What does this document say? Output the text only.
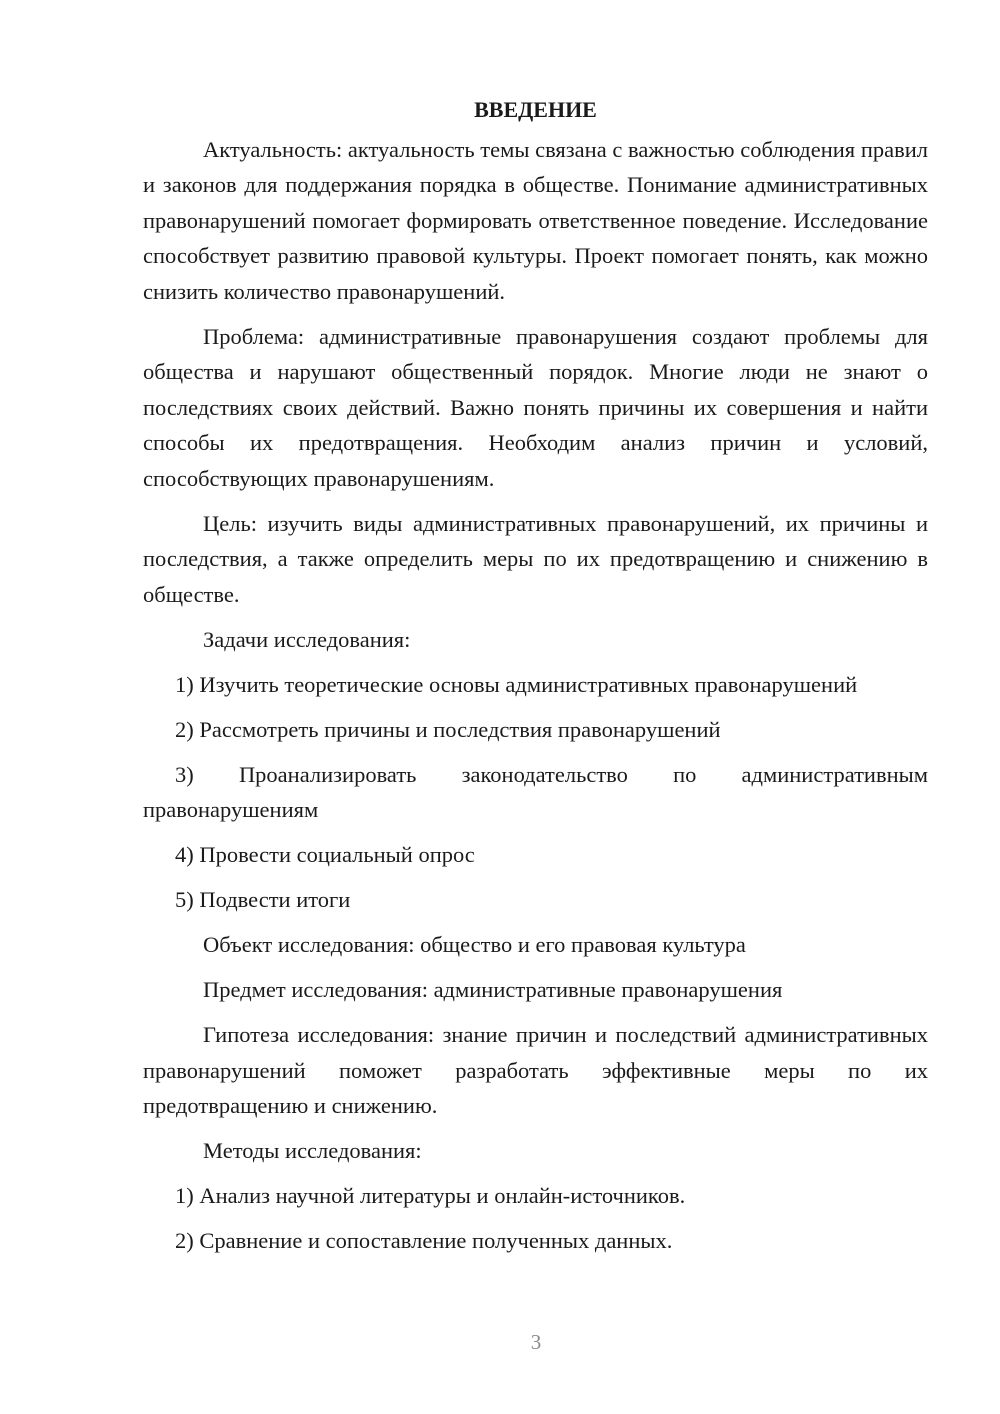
ВВЕДЕНИЕ

Актуальность: актуальность темы связана с важностью соблюдения правил и законов для поддержания порядка в обществе. Понимание административных правонарушений помогает формировать ответственное поведение. Исследование способствует развитию правовой культуры. Проект помогает понять, как можно снизить количество правонарушений.

Проблема: административные правонарушения создают проблемы для общества и нарушают общественный порядок. Многие люди не знают о последствиях своих действий. Важно понять причины их совершения и найти способы их предотвращения. Необходим анализ причин и условий, способствующих правонарушениям.

Цель: изучить виды административных правонарушений, их причины и последствия, а также определить меры по их предотвращению и снижению в обществе.

Задачи исследования:

1) Изучить теоретические основы административных правонарушений

2) Рассмотреть причины и последствия правонарушений

3) Проанализировать законодательство по административным правонарушениям

4) Провести социальный опрос

5) Подвести итоги

Объект исследования: общество и его правовая культура

Предмет исследования: административные правонарушения

Гипотеза исследования: знание причин и последствий административных правонарушений поможет разработать эффективные меры по их предотвращению и снижению.

Методы исследования:

1) Анализ научной литературы и онлайн-источников.

2) Сравнение и сопоставление полученных данных.

3
